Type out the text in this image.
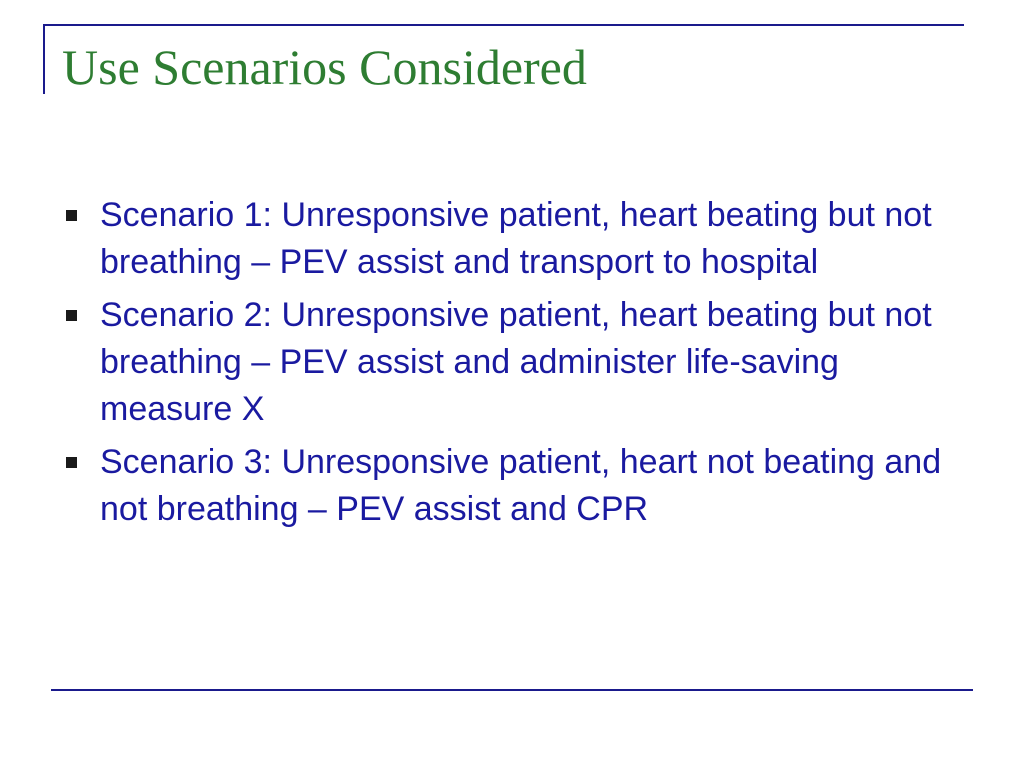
Use Scenarios Considered
Scenario 1: Unresponsive patient, heart beating but not breathing – PEV assist and transport to hospital
Scenario 2: Unresponsive patient, heart beating but not breathing – PEV assist and administer life-saving measure X
Scenario 3: Unresponsive patient, heart not beating and not breathing – PEV assist and CPR
